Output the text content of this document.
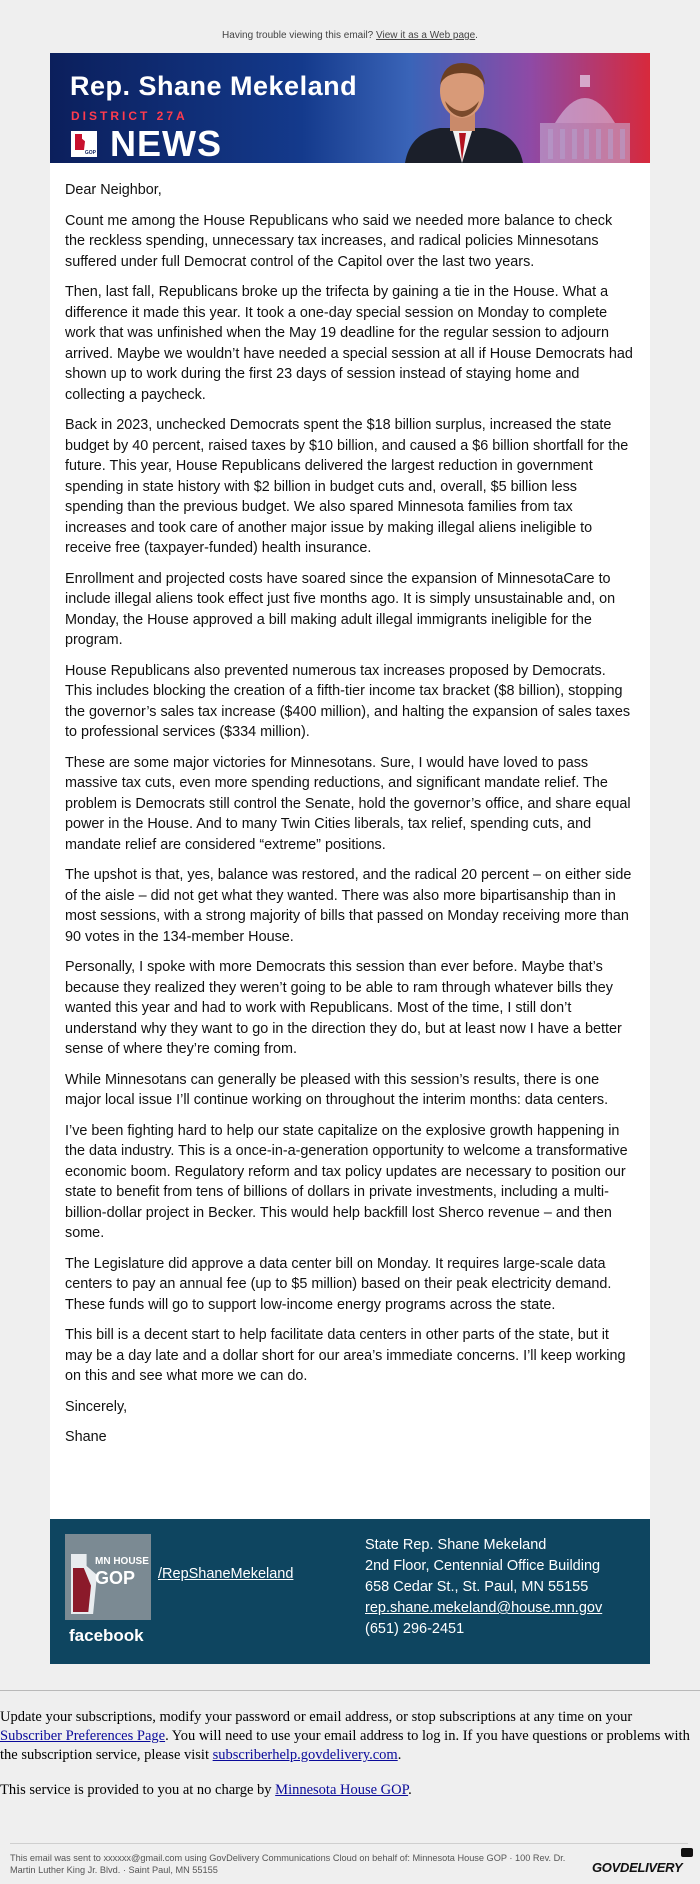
Having trouble viewing this email? View it as a Web page.
Rep. Shane Mekeland
DISTRICT 27A
GOP NEWS

Dear Neighbor,

Count me among the House Republicans who said we needed more balance to check the reckless spending, unnecessary tax increases, and radical policies Minnesotans suffered under full Democrat control of the Capitol over the last two years.

Then, last fall, Republicans broke up the trifecta by gaining a tie in the House. What a difference it made this year. It took a one-day special session on Monday to complete work that was unfinished when the May 19 deadline for the regular session to adjourn arrived. Maybe we wouldn’t have needed a special session at all if House Democrats had shown up to work during the first 23 days of session instead of staying home and collecting a paycheck.

Back in 2023, unchecked Democrats spent the $18 billion surplus, increased the state budget by 40 percent, raised taxes by $10 billion, and caused a $6 billion shortfall for the future. This year, House Republicans delivered the largest reduction in government spending in state history with $2 billion in budget cuts and, overall, $5 billion less spending than the previous budget. We also spared Minnesota families from tax increases and took care of another major issue by making illegal aliens ineligible to receive free (taxpayer-funded) health insurance.

Enrollment and projected costs have soared since the expansion of MinnesotaCare to include illegal aliens took effect just five months ago. It is simply unsustainable and, on Monday, the House approved a bill making adult illegal immigrants ineligible for the program.

House Republicans also prevented numerous tax increases proposed by Democrats. This includes blocking the creation of a fifth-tier income tax bracket ($8 billion), stopping the governor’s sales tax increase ($400 million), and halting the expansion of sales taxes to professional services ($334 million).

These are some major victories for Minnesotans. Sure, I would have loved to pass massive tax cuts, even more spending reductions, and significant mandate relief. The problem is Democrats still control the Senate, hold the governor’s office, and share equal power in the House. And to many Twin Cities liberals, tax relief, spending cuts, and mandate relief are considered “extreme” positions.

The upshot is that, yes, balance was restored, and the radical 20 percent – on either side of the aisle – did not get what they wanted. There was also more bipartisanship than in most sessions, with a strong majority of bills that passed on Monday receiving more than 90 votes in the 134-member House.

Personally, I spoke with more Democrats this session than ever before. Maybe that’s because they realized they weren’t going to be able to ram through whatever bills they wanted this year and had to work with Republicans. Most of the time, I still don’t understand why they want to go in the direction they do, but at least now I have a better sense of where they’re coming from.

While Minnesotans can generally be pleased with this session’s results, there is one major local issue I’ll continue working on throughout the interim months: data centers.

I’ve been fighting hard to help our state capitalize on the explosive growth happening in the data industry. This is a once-in-a-generation opportunity to welcome a transformative economic boom. Regulatory reform and tax policy updates are necessary to position our state to benefit from tens of billions of dollars in private investments, including a multi-billion-dollar project in Becker. This would help backfill lost Sherco revenue – and then some.

The Legislature did approve a data center bill on Monday. It requires large-scale data centers to pay an annual fee (up to $5 million) based on their peak electricity demand. These funds will go to support low-income energy programs across the state.

This bill is a decent start to help facilitate data centers in other parts of the state, but it may be a day late and a dollar short for our area’s immediate concerns. I’ll keep working on this and see what more we can do.

Sincerely,

Shane

MN HOUSE
GOP
facebook
/RepShaneMekeland
State Rep. Shane Mekeland
2nd Floor, Centennial Office Building
658 Cedar St., St. Paul, MN 55155
rep.shane.mekeland@house.mn.gov
(651) 296-2451

Update your subscriptions, modify your password or email address, or stop subscriptions at any time on your Subscriber Preferences Page. You will need to use your email address to log in. If you have questions or problems with the subscription service, please visit subscriberhelp.govdelivery.com.

This service is provided to you at no charge by Minnesota House GOP.

This email was sent to xxxxxx@gmail.com using GovDelivery Communications Cloud on behalf of: Minnesota House GOP · 100 Rev. Dr. Martin Luther King Jr. Blvd. · Saint Paul, MN 55155	GOVDELIVERY
